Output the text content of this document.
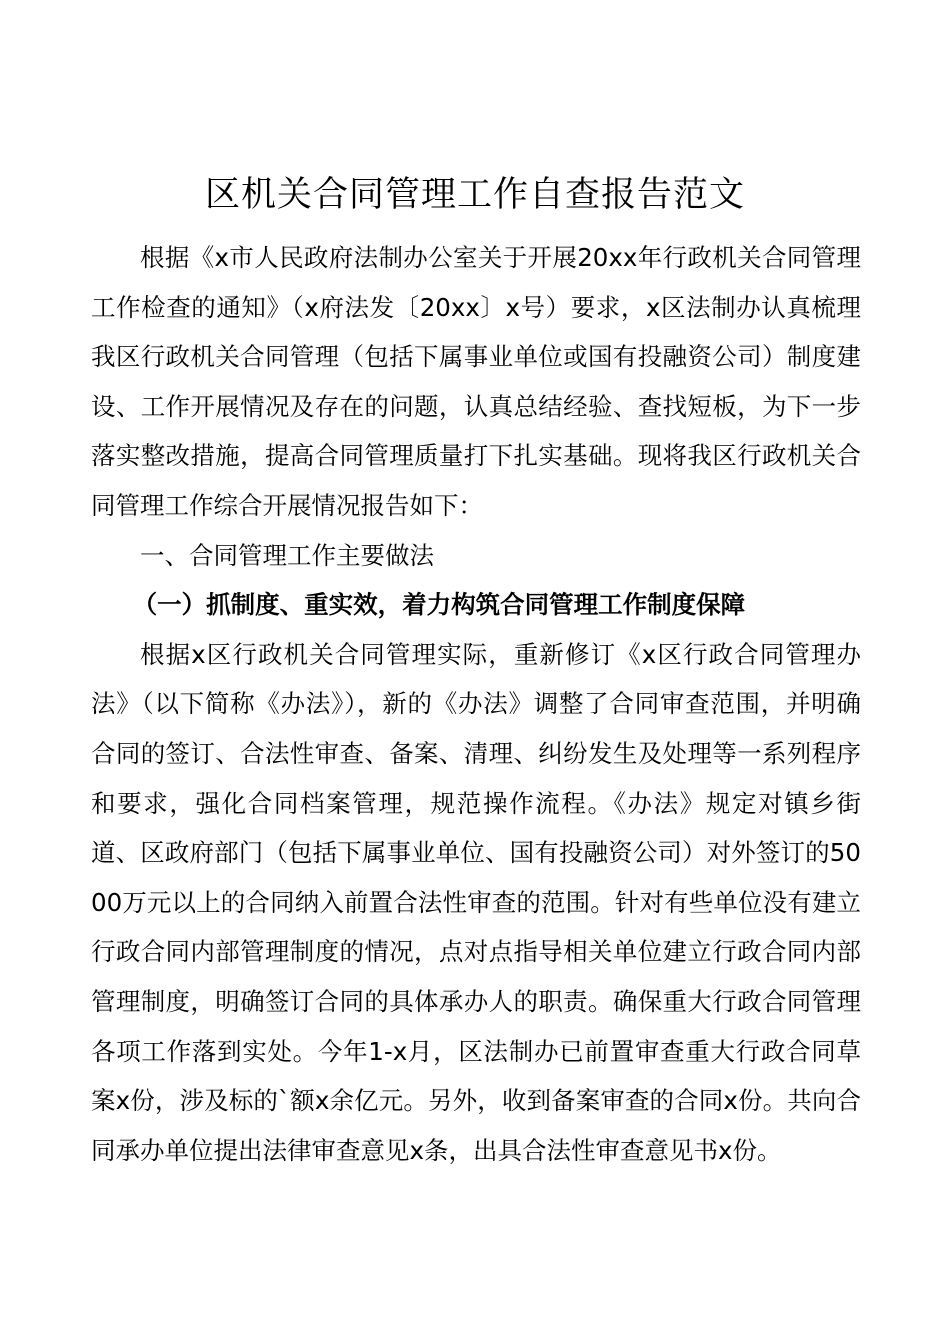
区机关合同管理工作自查报告范文

根据《x市人民政府法制办公室关于开展20xx年行政机关合同管理工作检查的通知》（x府法发〔20xx〕x号）要求，x区法制办认真梳理我区行政机关合同管理（包括下属事业单位或国有投融资公司）制度建设、工作开展情况及存在的问题，认真总结经验、查找短板，为下一步落实整改措施，提高合同管理质量打下扎实基础。现将我区行政机关合同管理工作综合开展情况报告如下：

一、合同管理工作主要做法

（一）抓制度、重实效，着力构筑合同管理工作制度保障

根据x区行政机关合同管理实际，重新修订《x区行政合同管理办法》（以下简称《办法》），新的《办法》调整了合同审查范围，并明确合同的签订、合法性审查、备案、清理、纠纷发生及处理等一系列程序和要求，强化合同档案管理，规范操作流程。《办法》规定对镇乡街道、区政府部门（包括下属事业单位、国有投融资公司）对外签订的5000万元以上的合同纳入前置合法性审查的范围。针对有些单位没有建立行政合同内部管理制度的情况，点对点指导相关单位建立行政合同内部管理制度，明确签订合同的具体承办人的职责。确保重大行政合同管理各项工作落到实处。今年1-x月，区法制办已前置审查重大行政合同草案x份，涉及标的`额x余亿元。另外，收到备案审查的合同x份。共向合同承办单位提出法律审查意见x条，出具合法性审查意见书x份。
